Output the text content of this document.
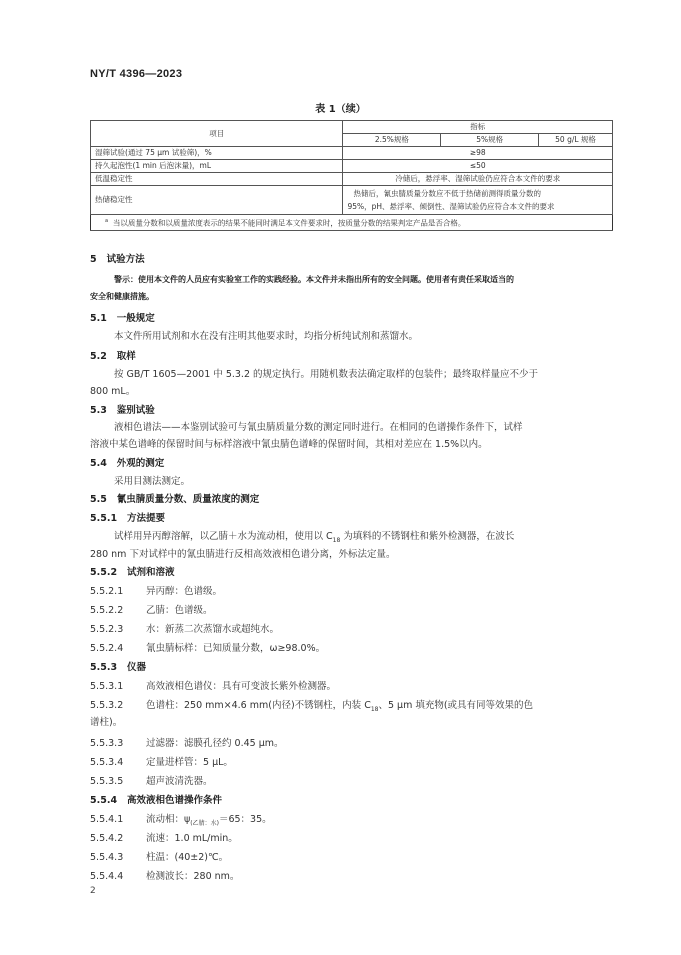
NY/T 4396—2023
表 1（续）
项目	指标		
	2.5%规格	5%规格	50 g/L 规格
湿筛试验(通过 75 μm 试验筛)，%	≥98		
持久起泡性(1 min 后泡沫量)，mL	≤50		
低温稳定性	冷储后，悬浮率、湿筛试验仍应符合本文件的要求		
热储稳定性	热储后，氰虫腈质量分数应不低于热储前测得质量分数的
95%，pH、悬浮率、倾倒性、湿筛试验仍应符合本文件的要求		

$^a$ 当以质量分数和以质量浓度表示的结果不能同时满足本文件要求时，按质量分数的结果判定产品是否合格。			
5 试验方法
警示：使用本文件的人员应有实验室工作的实践经验。本文件并未指出所有的安全问题。使用者有责任采取适当的
安全和健康措施。
5.1 一般规定
本文件所用试剂和水在没有注明其他要求时，均指分析纯试剂和蒸馏水。
5.2 取样
按 GB/T 1605—2001 中 5.3.2 的规定执行。用随机数表法确定取样的包装件；最终取样量应不少于
800 mL。
5.3 鉴别试验
液相色谱法——本鉴别试验可与氰虫腈质量分数的测定同时进行。在相同的色谱操作条件下，试样
溶液中某色谱峰的保留时间与标样溶液中氰虫腈色谱峰的保留时间，其相对差应在 1.5%以内。
5.4 外观的测定
采用目测法测定。
5.5 氰虫腈质量分数、质量浓度的测定
5.5.1 方法提要
试样用异丙醇溶解，以乙腈＋水为流动相，使用以 $C_{18}$ 为填料的不锈钢柱和紫外检测器，在波长
280 nm 下对试样中的氰虫腈进行反相高效液相色谱分离，外标法定量。
5.5.2 试剂和溶液
5.5.2.1 异丙醇：色谱级。
5.5.2.2 乙腈：色谱级。
5.5.2.3 水：新蒸二次蒸馏水或超纯水。
5.5.2.4 氰虫腈标样：已知质量分数，ω≥98.0%。
5.5.3 仪器
5.5.3.1 高效液相色谱仪：具有可变波长紫外检测器。
5.5.3.2 色谱柱：250 mm×4.6 mm(内径)不锈钢柱，内装 $C_{18}$、5 μm 填充物(或具有同等效果的色
谱柱)。
5.5.3.3 过滤器：滤膜孔径约 0.45 μm。
5.5.3.4 定量进样管：5 μL。
5.5.3.5 超声波清洗器。
5.5.4 高效液相色谱操作条件
5.5.4.1 流动相：$\psi_{(乙腈:水)}=65$：35。
5.5.4.2 流速：1.0 mL/min。
5.5.4.3 柱温：(40±2)℃。
5.5.4.4 检测波长：280 nm。
2
